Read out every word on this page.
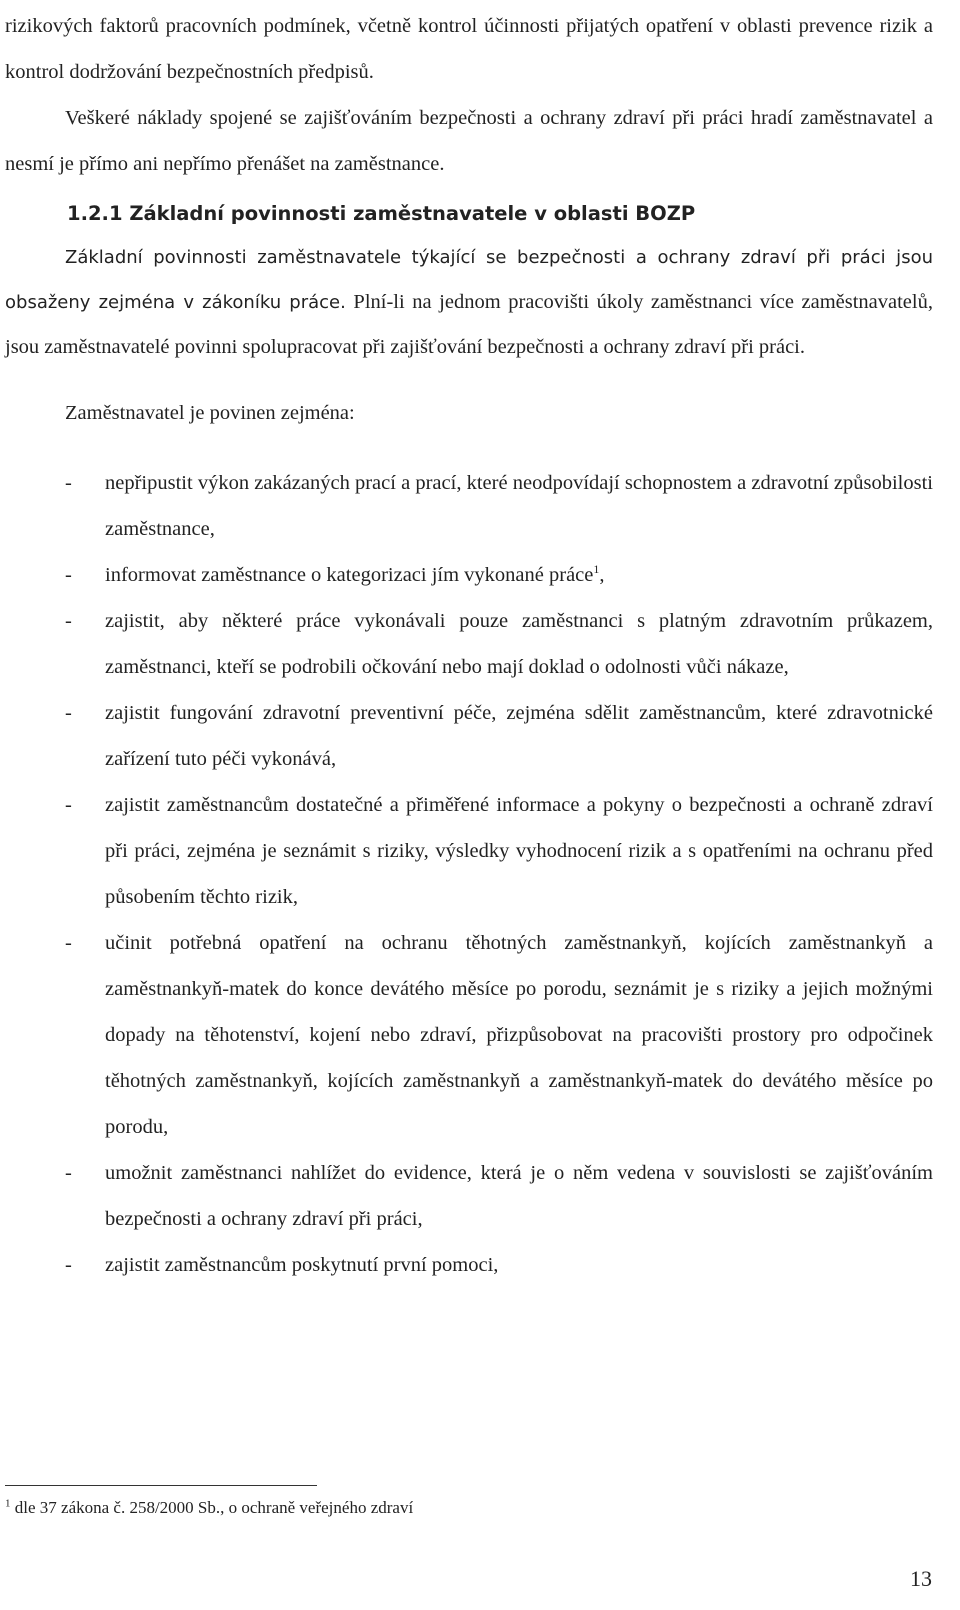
rizikových faktorů pracovních podmínek, včetně kontrol účinnosti přijatých opatření v oblasti prevence rizik a kontrol dodržování bezpečnostních předpisů.

Veškeré náklady spojené se zajišťováním bezpečnosti a ochrany zdraví při práci hradí zaměstnavatel a nesmí je přímo ani nepřímo přenášet na zaměstnance.

1.2.1 Základní povinnosti zaměstnavatele v oblasti BOZP

Základní povinnosti zaměstnavatele týkající se bezpečnosti a ochrany zdraví při práci jsou obsaženy zejména v zákoníku práce. Plní-li na jednom pracovišti úkoly zaměstnanci více zaměstnavatelů, jsou zaměstnavatelé povinni spolupracovat při zajišťování bezpečnosti a ochrany zdraví při práci.

Zaměstnavatel je povinen zejména:

- nepřipustit výkon zakázaných prací a prací, které neodpovídají schopnostem a zdravotní způsobilosti zaměstnance,
- informovat zaměstnance o kategorizaci jím vykonané práce$^1$,
- zajistit, aby některé práce vykonávali pouze zaměstnanci s platným zdravotním průkazem, zaměstnanci, kteří se podrobili očkování nebo mají doklad o odolnosti vůči nákaze,
- zajistit fungování zdravotní preventivní péče, zejména sdělit zaměstnancům, které zdravotnické zařízení tuto péči vykonává,
- zajistit zaměstnancům dostatečné a přiměřené informace a pokyny o bezpečnosti a ochraně zdraví při práci, zejména je seznámit s riziky, výsledky vyhodnocení rizik a s opatřeními na ochranu před působením těchto rizik,
- učinit potřebná opatření na ochranu těhotných zaměstnankyň, kojících zaměstnankyň a zaměstnankyň-matek do konce devátého měsíce po porodu, seznámit je s riziky a jejich možnými dopady na těhotenství, kojení nebo zdraví, přizpůsobovat na pracovišti prostory pro odpočinek těhotných zaměstnankyň, kojících zaměstnankyň a zaměstnankyň-matek do devátého měsíce po porodu,
- umožnit zaměstnanci nahlížet do evidence, která je o něm vedena v souvislosti se zajišťováním bezpečnosti a ochrany zdraví při práci,
- zajistit zaměstnancům poskytnutí první pomoci,
$^1$ dle 37 zákona č. 258/2000 Sb., o ochraně veřejného zdraví
13
